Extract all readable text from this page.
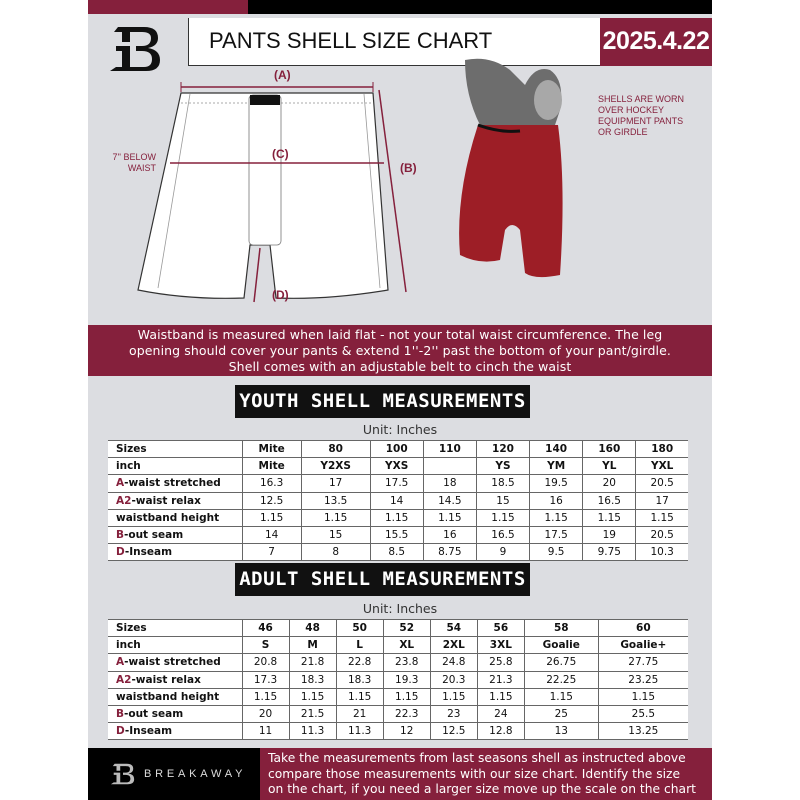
PANTS SHELL SIZE CHART	2025.4.22
(A)
(C)
(B)
(D)
7'' BELOW
WAIST
SHELLS ARE WORN
OVER HOCKEY
EQUIPMENT PANTS
OR GIRDLE
Waistband is measured when laid flat - not your total waist circumference. The leg
opening should cover your pants & extend 1''-2'' past the bottom of your pant/girdle.
Shell comes with an adjustable belt to cinch the waist
YOUTH SHELL MEASUREMENTS
Unit: Inches
Sizes	Mite	80	100	110	120	140	160	180
inch	Mite	Y2XS	YXS		YS	YM	YL	YXL
A-waist stretched	16.3	17	17.5	18	18.5	19.5	20	20.5
A2-waist relax	12.5	13.5	14	14.5	15	16	16.5	17
waistband height	1.15	1.15	1.15	1.15	1.15	1.15	1.15	1.15
B-out seam	14	15	15.5	16	16.5	17.5	19	20.5
D-Inseam	7	8	8.5	8.75	9	9.5	9.75	10.3
ADULT SHELL MEASUREMENTS
Unit: Inches
Sizes	46	48	50	52	54	56	58	60
inch	S	M	L	XL	2XL	3XL	Goalie	Goalie+
A-waist stretched	20.8	21.8	22.8	23.8	24.8	25.8	26.75	27.75
A2-waist relax	17.3	18.3	18.3	19.3	20.3	21.3	22.25	23.25
waistband height	1.15	1.15	1.15	1.15	1.15	1.15	1.15	1.15
B-out seam	20	21.5	21	22.3	23	24	25	25.5
D-Inseam	11	11.3	11.3	12	12.5	12.8	13	13.25
Take the measurements from last seasons shell as instructed above
compare those measurements with our size chart. Identify the size
on the chart, if you need a larger size move up the scale on the chart
BREAKAWAY
